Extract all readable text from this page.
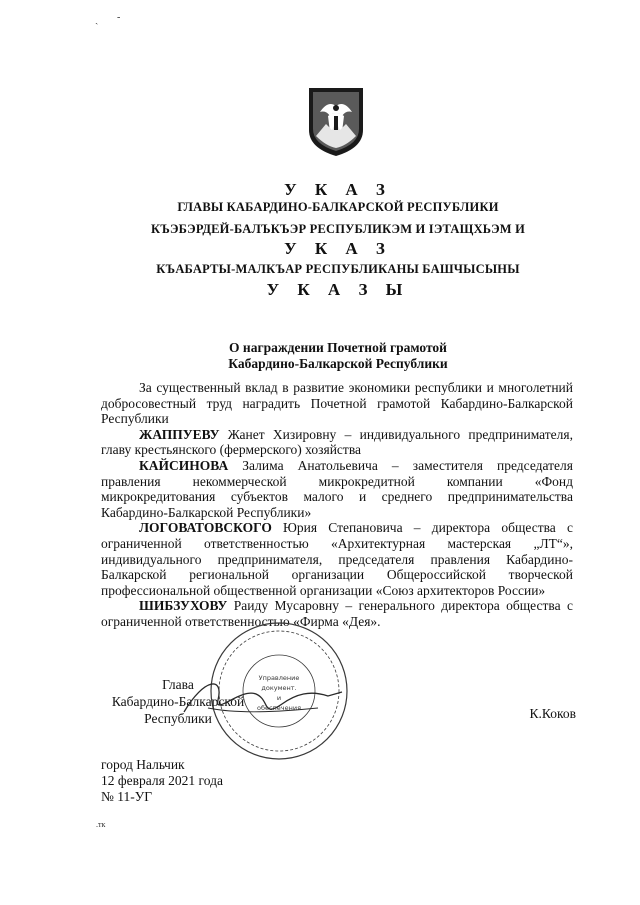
ˎ -
.тк
У К А З
ГЛАВЫ КАБАРДИНО-БАЛКАРСКОЙ РЕСПУБЛИКИ
КЪЭБЭРДЕЙ-БАЛЪКЪЭР РЕСПУБЛИКЭМ И ІЭТАЩХЬЭМ И
У К А З
КЪАБАРТЫ-МАЛКЪАР РЕСПУБЛИКАНЫ БАШЧЫСЫНЫ
У К А З Ы
О награждении Почетной грамотой
Кабардино-Балкарской Республики

За существенный вклад в развитие экономики республики и многолетний добросовестный труд наградить Почетной грамотой Кабардино-Балкарской Республики

ЖАППУЕВУ Жанет Хизировну – индивидуального предпринимателя, главу крестьянского (фермерского) хозяйства

КАЙСИНОВА Залима Анатольевича – заместителя председателя правления некоммерческой микрокредитной компании «Фонд микрокредитования субъектов малого и среднего предпринимательства Кабардино-Балкарской Республики»

ЛОГОВАТОВСКОГО Юрия Степановича – директора общества с ограниченной ответственностью «Архитектурная мастерская „ЛТ“», индивидуального предпринимателя, председателя правления Кабардино-Балкарской региональной организации Общероссийской творческой профессиональной общественной организации «Союз архитекторов России»

ШИБЗУХОВУ Раиду Мусаровну – генерального директора общества с ограниченной ответственностью «Фирма «Дея».

Управление
документ.
и
обеспечения
Глава
Кабардино-Балкарской
Республики	К.Коков
город Нальчик
12 февраля 2021 года
№ 11-УГ
